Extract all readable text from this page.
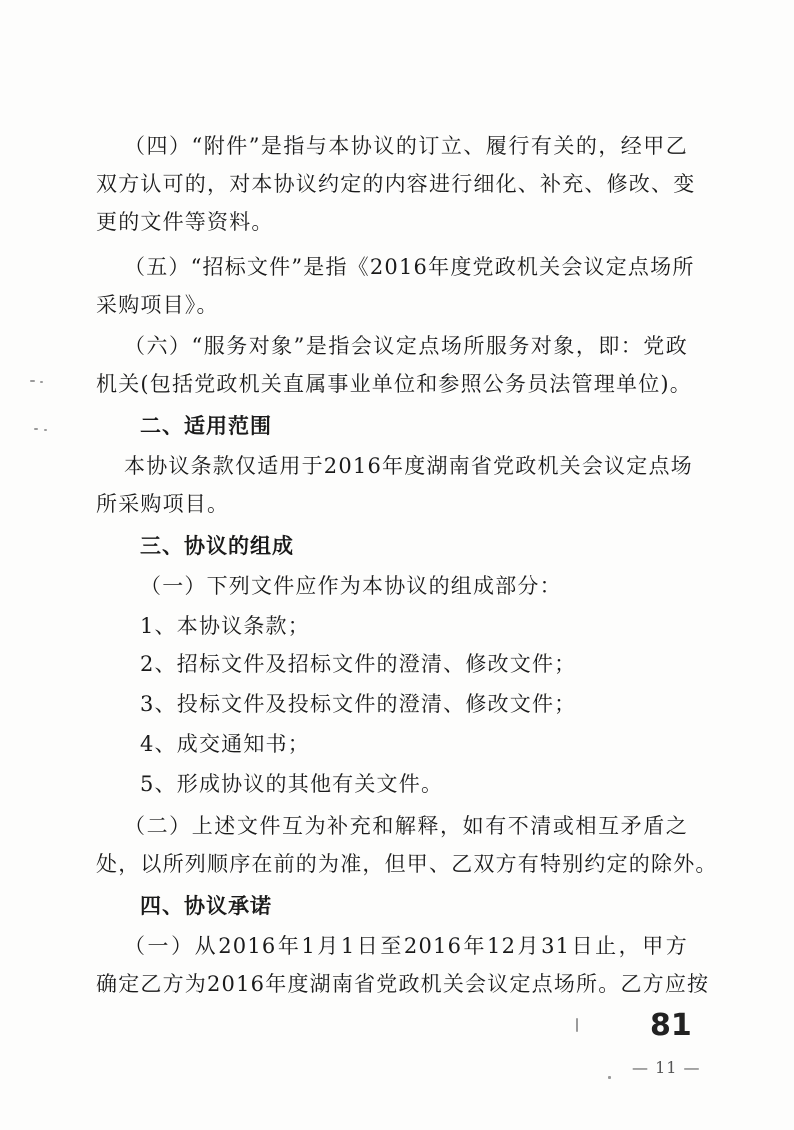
（四）“附件”是指与本协议的订立、履行有关的，经甲乙
双方认可的，对本协议约定的内容进行细化、补充、修改、变
更的文件等资料。
（五）“招标文件”是指《2016年度党政机关会议定点场所
采购项目》。
（六）“服务对象”是指会议定点场所服务对象，即：党政
机关(包括党政机关直属事业单位和参照公务员法管理单位)。
二、适用范围
本协议条款仅适用于2016年度湖南省党政机关会议定点场
所采购项目。
三、协议的组成
（一）下列文件应作为本协议的组成部分：
1、本协议条款；
2、招标文件及招标文件的澄清、修改文件；
3、投标文件及投标文件的澄清、修改文件；
4、成交通知书；
5、形成协议的其他有关文件。
（二）上述文件互为补充和解释，如有不清或相互矛盾之
处，以所列顺序在前的为准，但甲、乙双方有特别约定的除外。
四、协议承诺
（一）从2016年1月1日至2016年12月31日止，甲方
确定乙方为2016年度湖南省党政机关会议定点场所。乙方应按
81
— 11 —
